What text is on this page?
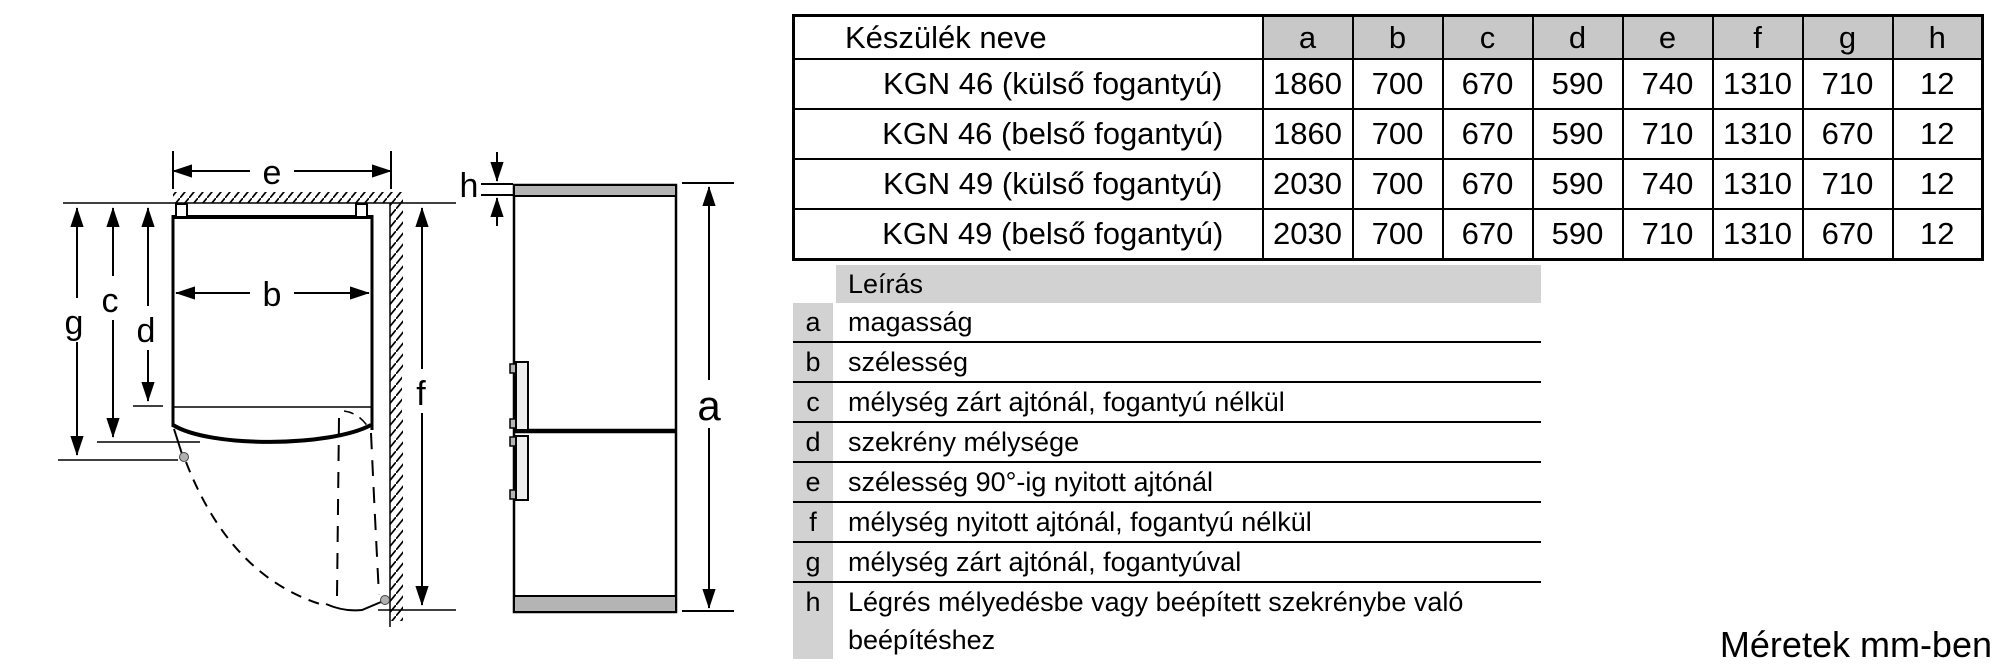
e
b
g
c
d
f
h
a
Készülék neve	a	b	c	d	e	f	g	h
KGN 46 (külső fogantyú)	1860	700	670	590	740	1310	710	12
KGN 46 (belső fogantyú)	1860	700	670	590	710	1310	670	12
KGN 49 (külső fogantyú)	2030	700	670	590	740	1310	710	12
KGN 49 (belső fogantyú)	2030	700	670	590	710	1310	670	12
Leírás
a	magasság
b	szélesség
c	mélység zárt ajtónál, fogantyú nélkül
d	szekrény mélysége
e	szélesség 90°-ig nyitott ajtónál
f	mélység nyitott ajtónál, fogantyú nélkül
g	mélység zárt ajtónál, fogantyúval
h	Légrés mélyedésbe vagy beépített szekrénybe való beépítéshez	Méretek mm-ben
